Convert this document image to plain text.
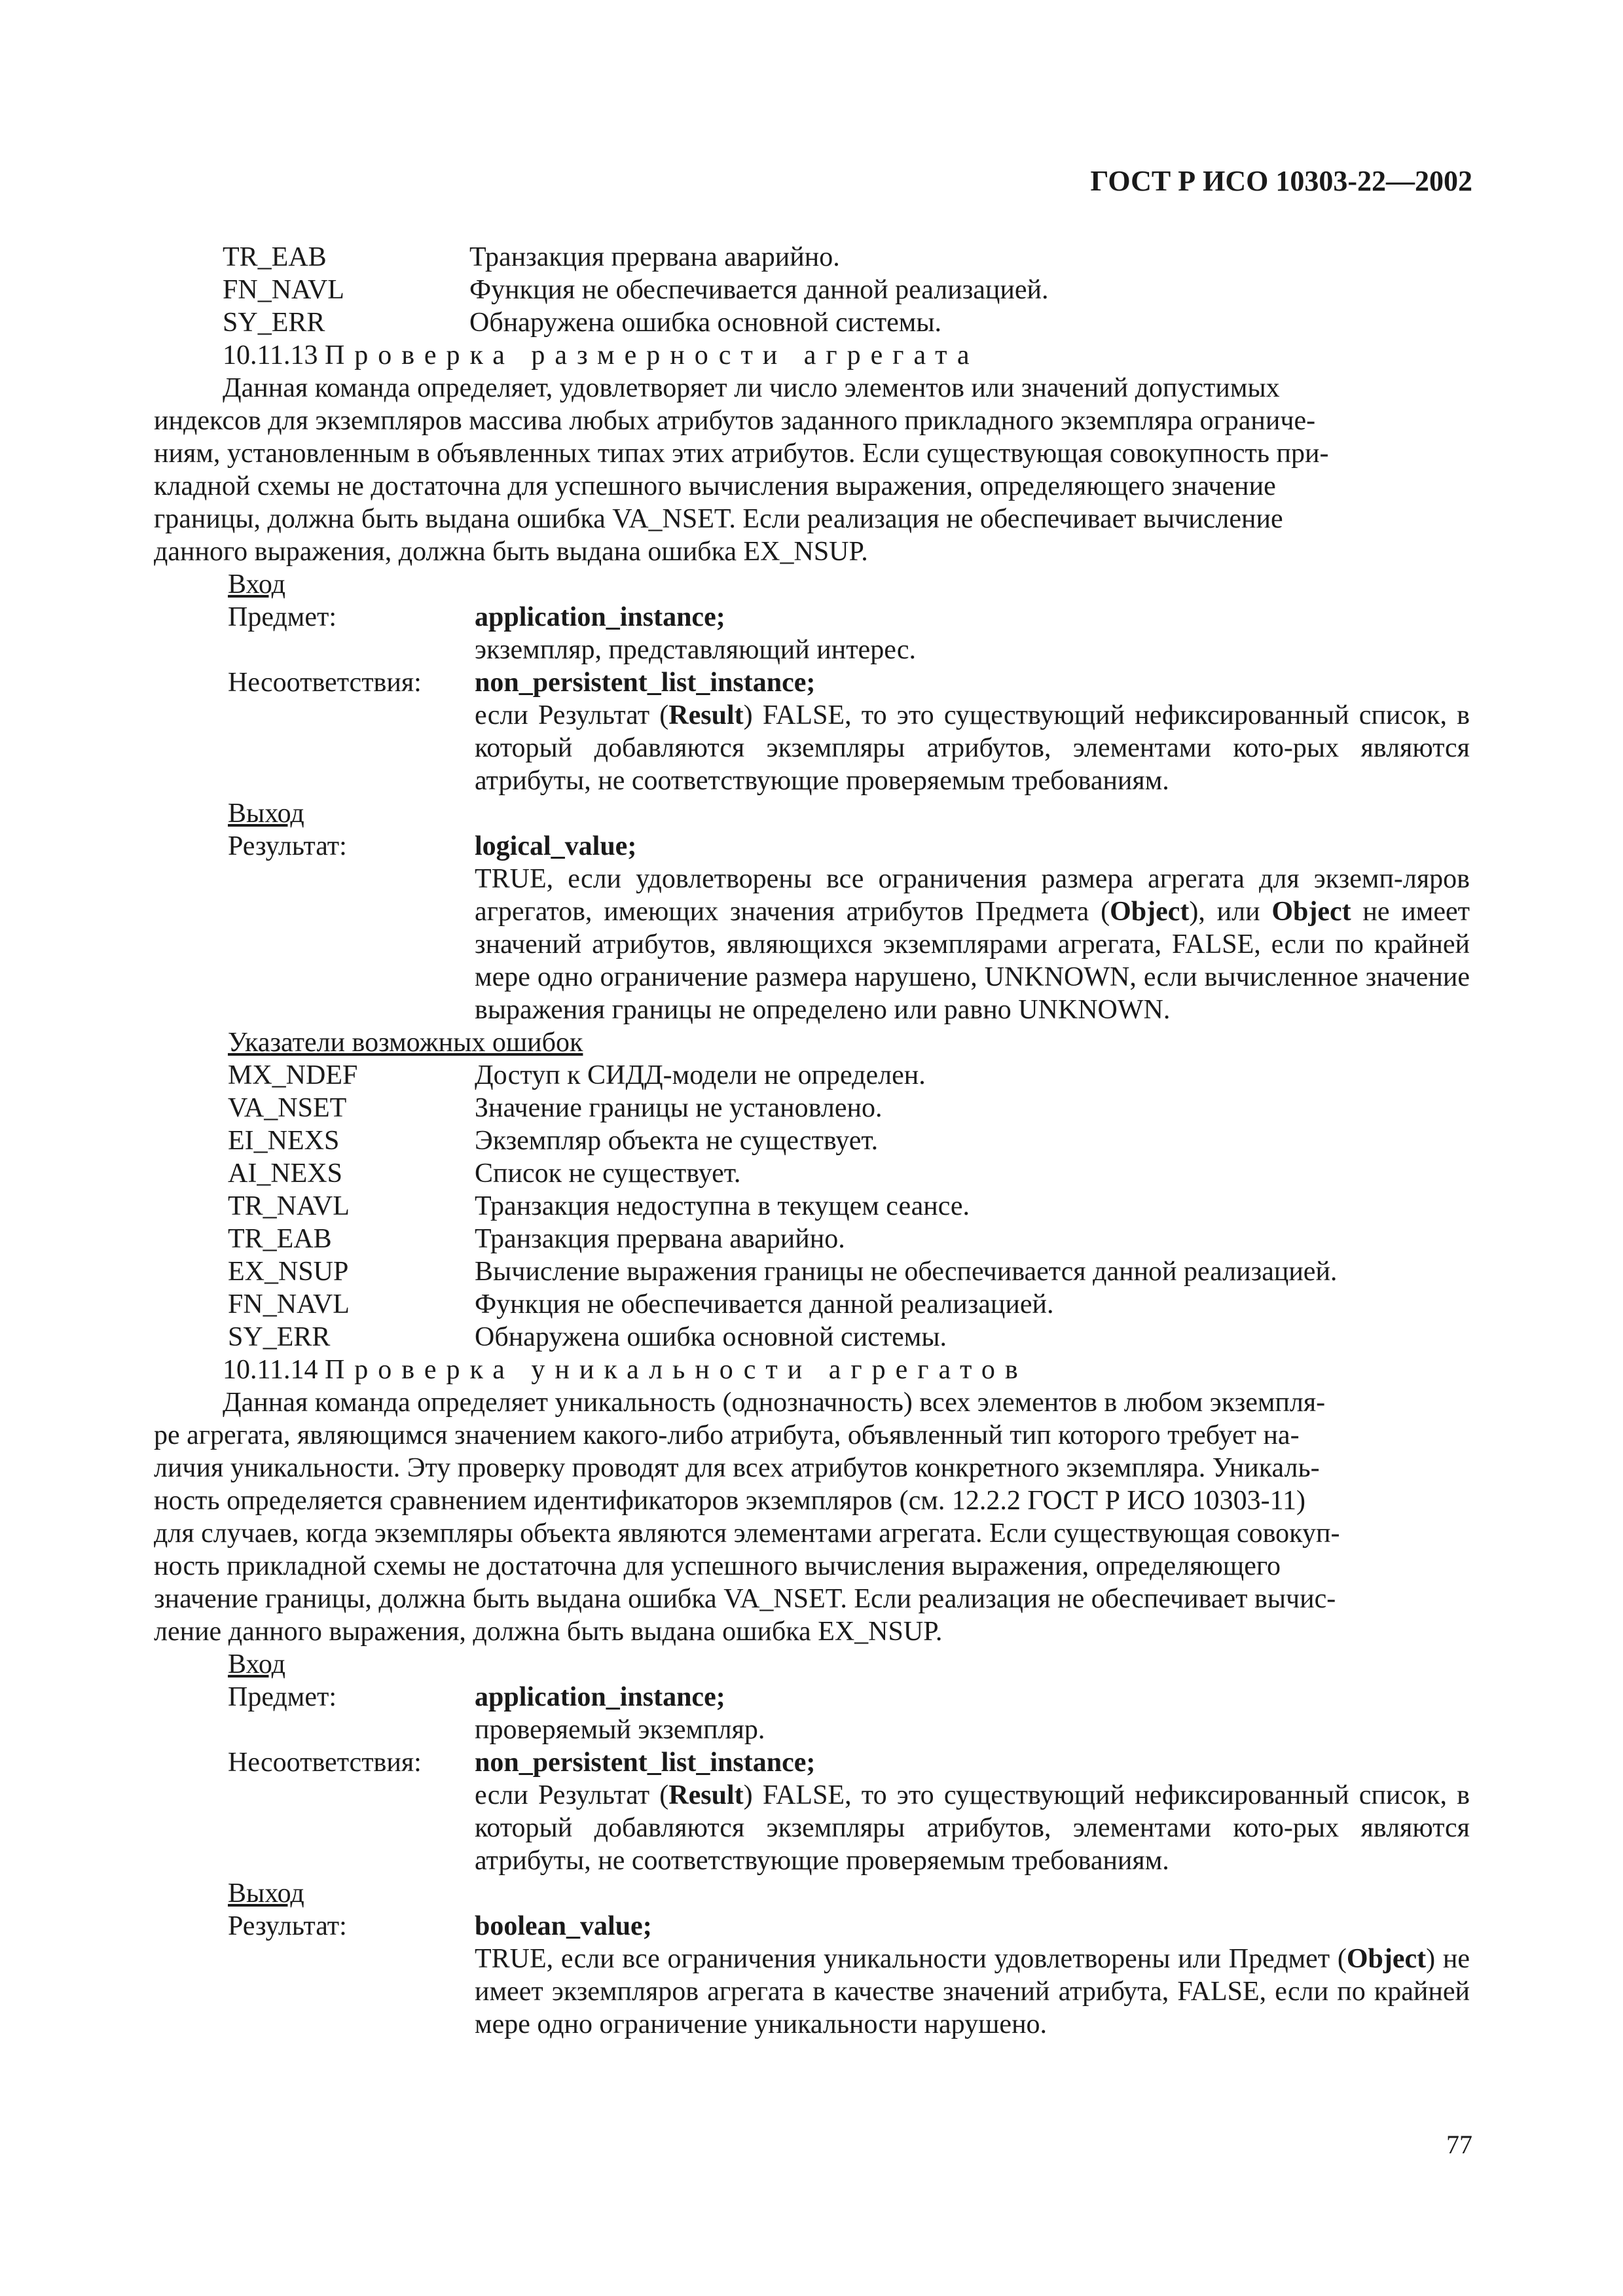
ГОСТ Р ИСО 10303-22—2002
TR_EAB	Транзакция прервана аварийно.
FN_NAVL	Функция не обеспечивается данной реализацией.
SY_ERR	Обнаружена ошибка основной системы.
10.11.13 Проверка размерности агрегата
Данная команда определяет, удовлетворяет ли число элементов или значений допустимых
индексов для экземпляров массива любых атрибутов заданного прикладного экземпляра ограниче-
ниям, установленным в объявленных типах этих атрибутов. Если существующая совокупность при-
кладной схемы не достаточна для успешного вычисления выражения, определяющего значение
границы, должна быть выдана ошибка VA_NSET. Если реализация не обеспечивает вычисление
данного выражения, должна быть выдана ошибка EX_NSUP.
Вход
Предмет:	application_instance;
экземпляр, представляющий интерес.
Несоответствия:	non_persistent_list_instance;
если Результат (Result) FALSE, то это существующий нефиксированный список, в который добавляются экземпляры атрибутов, элементами кото-рых являются атрибуты, не соответствующие проверяемым требованиям.
Выход
Результат:	logical_value;
TRUE, если удовлетворены все ограничения размера агрегата для экземп-ляров агрегатов, имеющих значения атрибутов Предмета (Object), или Object не имеет значений атрибутов, являющихся экземплярами агрегата, FALSE, если по крайней мере одно ограничение размера нарушено, UNKNOWN, если вычисленное значение выражения границы не определено или равно UNKNOWN.
Указатели возможных ошибок
MX_NDEF	Доступ к СИДД-модели не определен.
VA_NSET	Значение границы не установлено.
EI_NEXS	Экземпляр объекта не существует.
AI_NEXS	Список не существует.
TR_NAVL	Транзакция недоступна в текущем сеансе.
TR_EAB	Транзакция прервана аварийно.
EX_NSUP	Вычисление выражения границы не обеспечивается данной реализацией.
FN_NAVL	Функция не обеспечивается данной реализацией.
SY_ERR	Обнаружена ошибка основной системы.
10.11.14 Проверка уникальности агрегатов
Данная команда определяет уникальность (однозначность) всех элементов в любом экземпля-
ре агрегата, являющимся значением какого-либо атрибута, объявленный тип которого требует на-
личия уникальности. Эту проверку проводят для всех атрибутов конкретного экземпляра. Уникаль-
ность определяется сравнением идентификаторов экземпляров (см. 12.2.2 ГОСТ Р ИСО 10303-11)
для случаев, когда экземпляры объекта являются элементами агрегата. Если существующая совокуп-
ность прикладной схемы не достаточна для успешного вычисления выражения, определяющего
значение границы, должна быть выдана ошибка VA_NSET. Если реализация не обеспечивает вычис-
ление данного выражения, должна быть выдана ошибка EX_NSUP.
Вход
Предмет:	application_instance;
проверяемый экземпляр.
Несоответствия:	non_persistent_list_instance;
если Результат (Result) FALSE, то это существующий нефиксированный список, в который добавляются экземпляры атрибутов, элементами кото-рых являются атрибуты, не соответствующие проверяемым требованиям.
Выход
Результат:	boolean_value;
TRUE, если все ограничения уникальности удовлетворены или Предмет (Object) не имеет экземпляров агрегата в качестве значений атрибута, FALSE, если по крайней мере одно ограничение уникальности нарушено.
77
